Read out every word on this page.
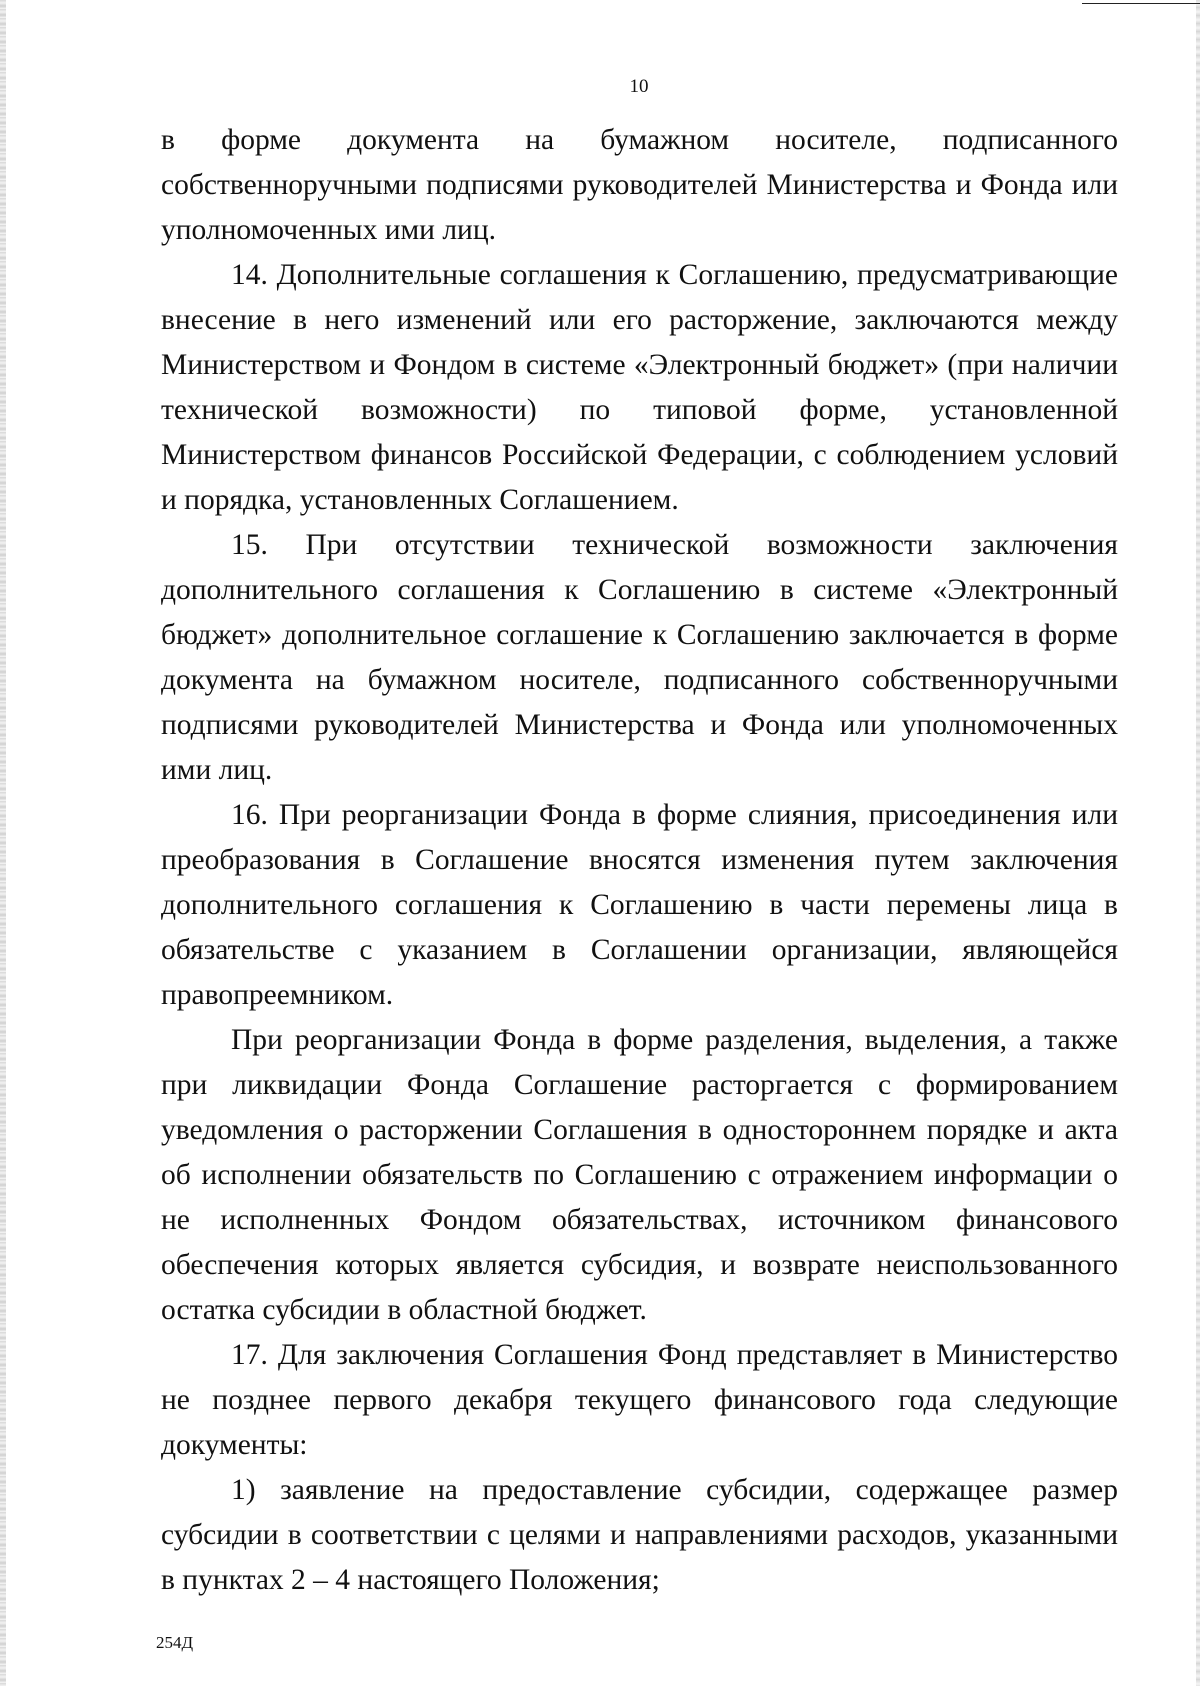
10

в форме документа на бумажном носителе, подписанного собственноручными подписями руководителей Министерства и Фонда или уполномоченных ими лиц.

14. Дополнительные соглашения к Соглашению, предусматривающие внесение в него изменений или его расторжение, заключаются между Министерством и Фондом в системе «Электронный бюджет» (при наличии технической возможности) по типовой форме, установленной Министерством финансов Российской Федерации, с соблюдением условий и порядка, установленных Соглашением.

15. При отсутствии технической возможности заключения дополнительного соглашения к Соглашению в системе «Электронный бюджет» дополнительное соглашение к Соглашению заключается в форме документа на бумажном носителе, подписанного собственноручными подписями руководителей Министерства и Фонда или уполномоченных ими лиц.

16. При реорганизации Фонда в форме слияния, присоединения или преобразования в Соглашение вносятся изменения путем заключения дополнительного соглашения к Соглашению в части перемены лица в обязательстве с указанием в Соглашении организации, являющейся правопреемником.

При реорганизации Фонда в форме разделения, выделения, а также при ликвидации Фонда Соглашение расторгается с формированием уведомления о расторжении Соглашения в одностороннем порядке и акта об исполнении обязательств по Соглашению с отражением информации о не исполненных Фондом обязательствах, источником финансового обеспечения которых является субсидия, и возврате неиспользованного остатка субсидии в областной бюджет.

17. Для заключения Соглашения Фонд представляет в Министерство не позднее первого декабря текущего финансового года следующие документы:

1) заявление на предоставление субсидии, содержащее размер субсидии в соответствии с целями и направлениями расходов, указанными в пунктах 2 – 4 настоящего Положения;

254Д
